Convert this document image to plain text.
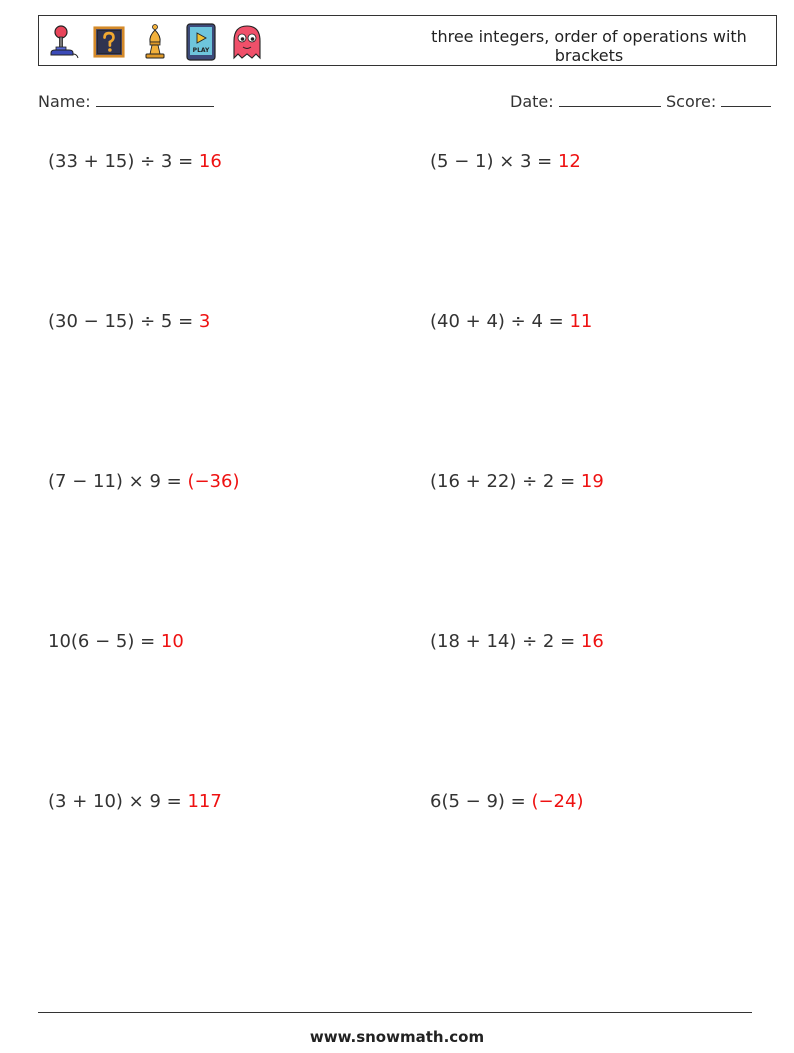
PLAY
three integers, order of operations with brackets
Name:	Date:	Score:
(33 + 15) ÷ 3 = 16	(5 − 1) × 3 = 12
(30 − 15) ÷ 5 = 3	(40 + 4) ÷ 4 = 11
(7 − 11) × 9 = (−36)	(16 + 22) ÷ 2 = 19
10(6 − 5) = 10	(18 + 14) ÷ 2 = 16
(3 + 10) × 9 = 117	6(5 − 9) = (−24)
www.snowmath.com
